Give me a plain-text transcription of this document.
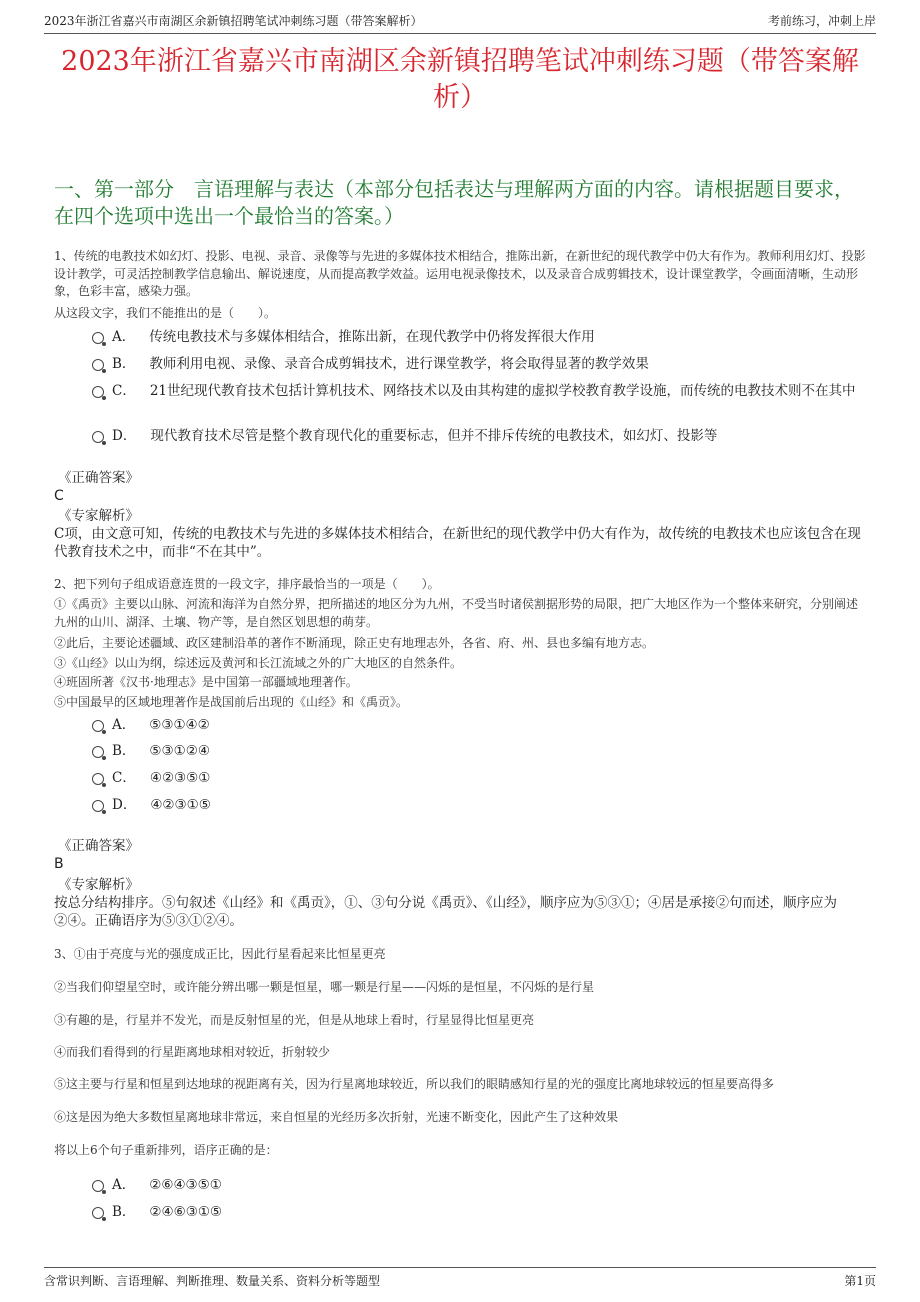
2023年浙江省嘉兴市南湖区余新镇招聘笔试冲刺练习题（带答案解析）	考前练习，冲刺上岸
2023年浙江省嘉兴市南湖区余新镇招聘笔试冲刺练习题（带答案解析）
一、第一部分　言语理解与表达（本部分包括表达与理解两方面的内容。请根据题目要求，在四个选项中选出一个最恰当的答案。）
1、传统的电教技术如幻灯、投影、电视、录音、录像等与先进的多媒体技术相结合，推陈出新，在新世纪的现代教学中仍大有作为。教师利用幻灯、投影设计教学，可灵活控制教学信息输出、解说速度，从而提高教学效益。运用电视录像技术，以及录音合成剪辑技术，设计课堂教学，令画面清晰，生动形象，色彩丰富，感染力强。
从这段文字，我们不能推出的是（　　）。
A． 传统电教技术与多媒体相结合，推陈出新，在现代教学中仍将发挥很大作用
B． 教师利用电视、录像、录音合成剪辑技术，进行课堂教学，将会取得显著的教学效果
C． 21世纪现代教育技术包括计算机技术、网络技术以及由其构建的虚拟学校教育教学设施，而传统的电教技术则不在其中
D． 现代教育技术尽管是整个教育现代化的重要标志，但并不排斥传统的电教技术，如幻灯、投影等
《正确答案》
C
《专家解析》
C项，由文意可知，传统的电教技术与先进的多媒体技术相结合，在新世纪的现代教学中仍大有作为，故传统的电教技术也应该包含在现代教育技术之中，而非“不在其中”。
2、把下列句子组成语意连贯的一段文字，排序最恰当的一项是（　　）。
①《禹贡》主要以山脉、河流和海洋为自然分界，把所描述的地区分为九州，不受当时诸侯割据形势的局限，把广大地区作为一个整体来研究，分别阐述九州的山川、湖泽、土壤、物产等，是自然区划思想的萌芽。
②此后，主要论述疆域、政区建制沿革的著作不断涌现，除正史有地理志外，各省、府、州、县也多编有地方志。
③《山经》以山为纲，综述远及黄河和长江流域之外的广大地区的自然条件。
④班固所著《汉书·地理志》是中国第一部疆域地理著作。
⑤中国最早的区域地理著作是战国前后出现的《山经》和《禹贡》。
A． ⑤③①④②
B． ⑤③①②④
C． ④②③⑤①
D． ④②③①⑤
《正确答案》
B
《专家解析》
按总分结构排序。⑤句叙述《山经》和《禹贡》，①、③句分说《禹贡》、《山经》，顺序应为⑤③①；④居是承接②句而述，顺序应为②④。正确语序为⑤③①②④。
3、①由于亮度与光的强度成正比，因此行星看起来比恒星更亮
②当我们仰望星空时，或许能分辨出哪一颗是恒星，哪一颗是行星——闪烁的是恒星，不闪烁的是行星
③有趣的是，行星并不发光，而是反射恒星的光，但是从地球上看时，行星显得比恒星更亮
④而我们看得到的行星距离地球相对较近，折射较少
⑤这主要与行星和恒星到达地球的视距离有关，因为行星离地球较近，所以我们的眼睛感知行星的光的强度比离地球较远的恒星要高得多
⑥这是因为绝大多数恒星离地球非常远，来自恒星的光经历多次折射，光速不断变化，因此产生了这种效果
将以上6个句子重新排列，语序正确的是：
A． ②⑥④③⑤①
B． ②④⑥③①⑤
含常识判断、言语理解、判断推理、数量关系、资料分析等题型	第1页
